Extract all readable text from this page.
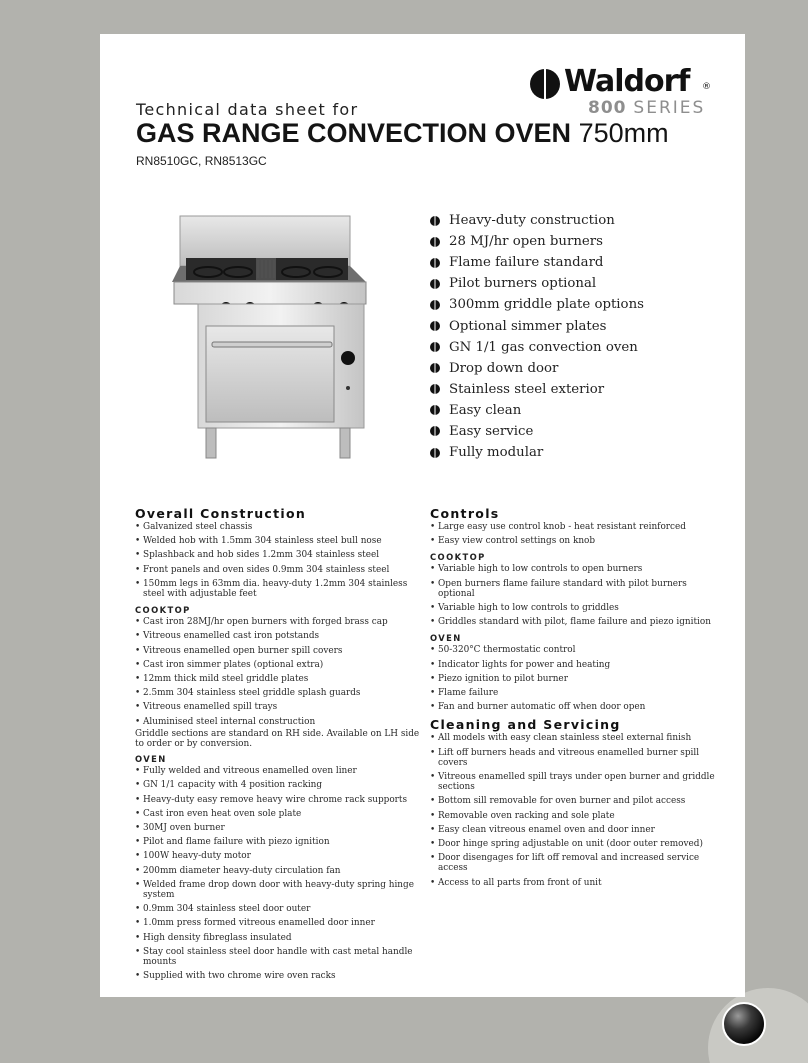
Waldorf ®
800 SERIES
Technical data sheet for
GAS RANGE CONVECTION OVEN 750mm
RN8510GC, RN8513GC
Heavy-duty construction
28 MJ/hr open burners
Flame failure standard
Pilot burners optional
300mm griddle plate options
Optional simmer plates
GN 1/1 gas convection oven
Drop down door
Stainless steel exterior
Easy clean
Easy service
Fully modular
Overall Construction
• Galvanized steel chassis
• Welded hob with 1.5mm 304 stainless steel bull nose
• Splashback and hob sides 1.2mm 304 stainless steel
• Front panels and oven sides 0.9mm 304 stainless steel
• 150mm legs in 63mm dia. heavy-duty 1.2mm 304 stainless steel with adjustable feet
COOKTOP
• Cast iron 28MJ/hr open burners with forged brass cap
• Vitreous enamelled cast iron potstands
• Vitreous enamelled open burner spill covers
• Cast iron simmer plates (optional extra)
• 12mm thick mild steel griddle plates
• 2.5mm 304 stainless steel griddle splash guards
• Vitreous enamelled spill trays
• Aluminised steel internal construction
Griddle sections are standard on RH side. Available on LH side to order or by conversion.
OVEN
• Fully welded and vitreous enamelled oven liner
• GN 1/1 capacity with 4 position racking
• Heavy-duty easy remove heavy wire chrome rack supports
• Cast iron even heat oven sole plate
• 30MJ oven burner
• Pilot and flame failure with piezo ignition
• 100W heavy-duty motor
• 200mm diameter heavy-duty circulation fan
• Welded frame drop down door with heavy-duty spring hinge system
• 0.9mm 304 stainless steel door outer
• 1.0mm press formed vitreous enamelled door inner
• High density fibreglass insulated
• Stay cool stainless steel door handle with cast metal handle mounts
• Supplied with two chrome wire oven racks
Controls
• Large easy use control knob - heat resistant reinforced
• Easy view control settings on knob
COOKTOP
• Variable high to low controls to open burners
• Open burners flame failure standard with pilot burners optional
• Variable high to low controls to griddles
• Griddles standard with pilot, flame failure and piezo ignition
OVEN
• 50-320°C thermostatic control
• Indicator lights for power and heating
• Piezo ignition to pilot burner
• Flame failure
• Fan and burner automatic off when door open
Cleaning and Servicing
• All models with easy clean stainless steel external finish
• Lift off burners heads and vitreous enamelled burner spill covers
• Vitreous enamelled spill trays under open burner and griddle sections
• Bottom sill removable for oven burner and pilot access
• Removable oven racking and sole plate
• Easy clean vitreous enamel oven and door inner
• Door hinge spring adjustable on unit (door outer removed)
• Door disengages for lift off removal and increased service access
• Access to all parts from front of unit
